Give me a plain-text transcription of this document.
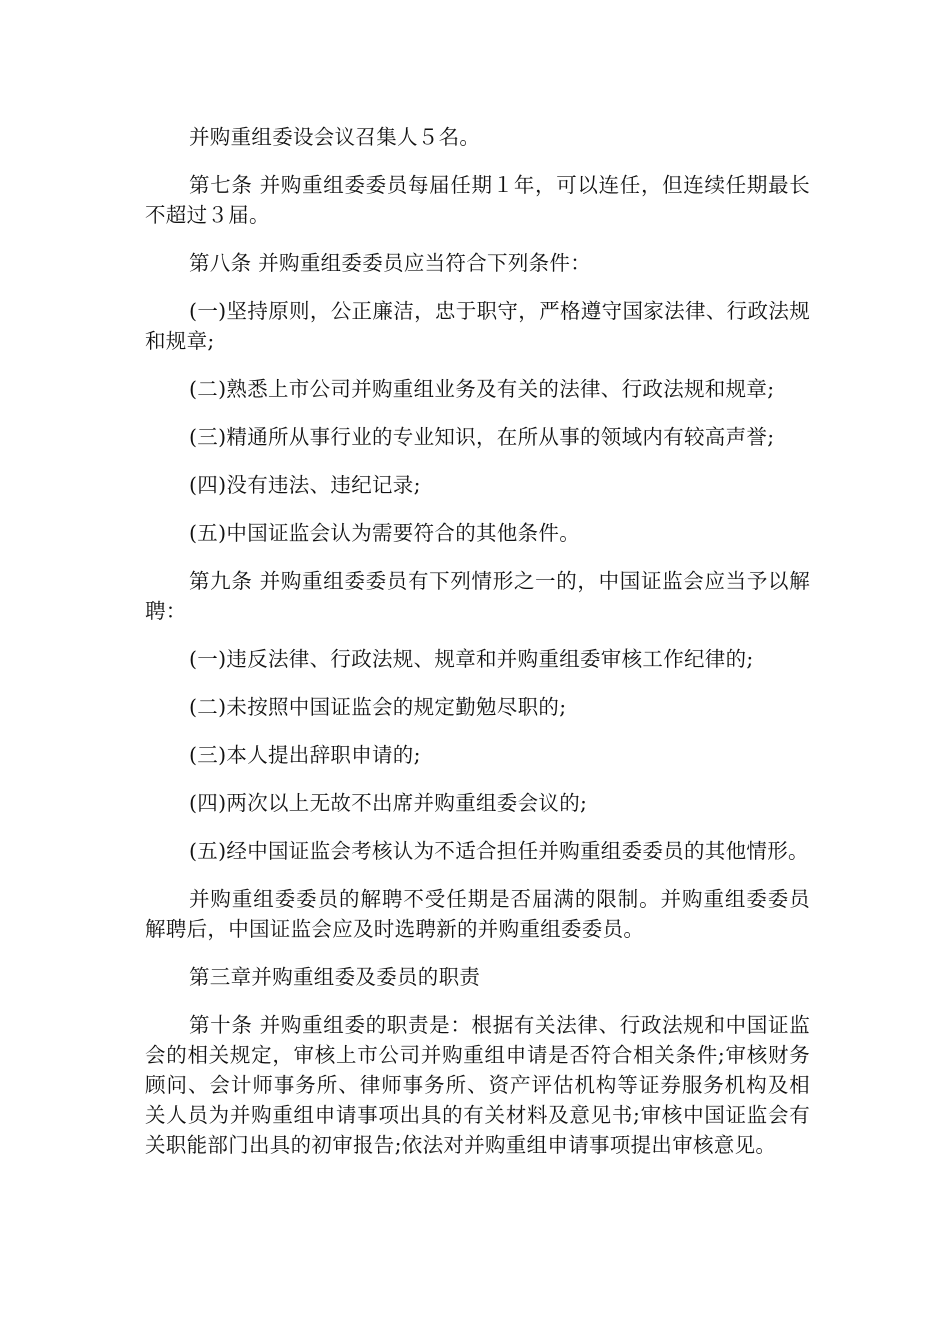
并购重组委设会议召集人５名。

第七条 并购重组委委员每届任期１年，可以连任，但连续任期最长不超过３届。

第八条 并购重组委委员应当符合下列条件：

(一)坚持原则，公正廉洁，忠于职守，严格遵守国家法律、行政法规和规章;

(二)熟悉上市公司并购重组业务及有关的法律、行政法规和规章;

(三)精通所从事行业的专业知识，在所从事的领域内有较高声誉;

(四)没有违法、违纪记录;

(五)中国证监会认为需要符合的其他条件。

第九条 并购重组委委员有下列情形之一的，中国证监会应当予以解聘：

(一)违反法律、行政法规、规章和并购重组委审核工作纪律的;

(二)未按照中国证监会的规定勤勉尽职的;

(三)本人提出辞职申请的;

(四)两次以上无故不出席并购重组委会议的;

(五)经中国证监会考核认为不适合担任并购重组委委员的其他情形。

并购重组委委员的解聘不受任期是否届满的限制。并购重组委委员解聘后，中国证监会应及时选聘新的并购重组委委员。

第三章并购重组委及委员的职责

第十条 并购重组委的职责是：根据有关法律、行政法规和中国证监会的相关规定，审核上市公司并购重组申请是否符合相关条件;审核财务顾问、会计师事务所、律师事务所、资产评估机构等证券服务机构及相关人员为并购重组申请事项出具的有关材料及意见书;审核中国证监会有关职能部门出具的初审报告;依法对并购重组申请事项提出审核意见。
